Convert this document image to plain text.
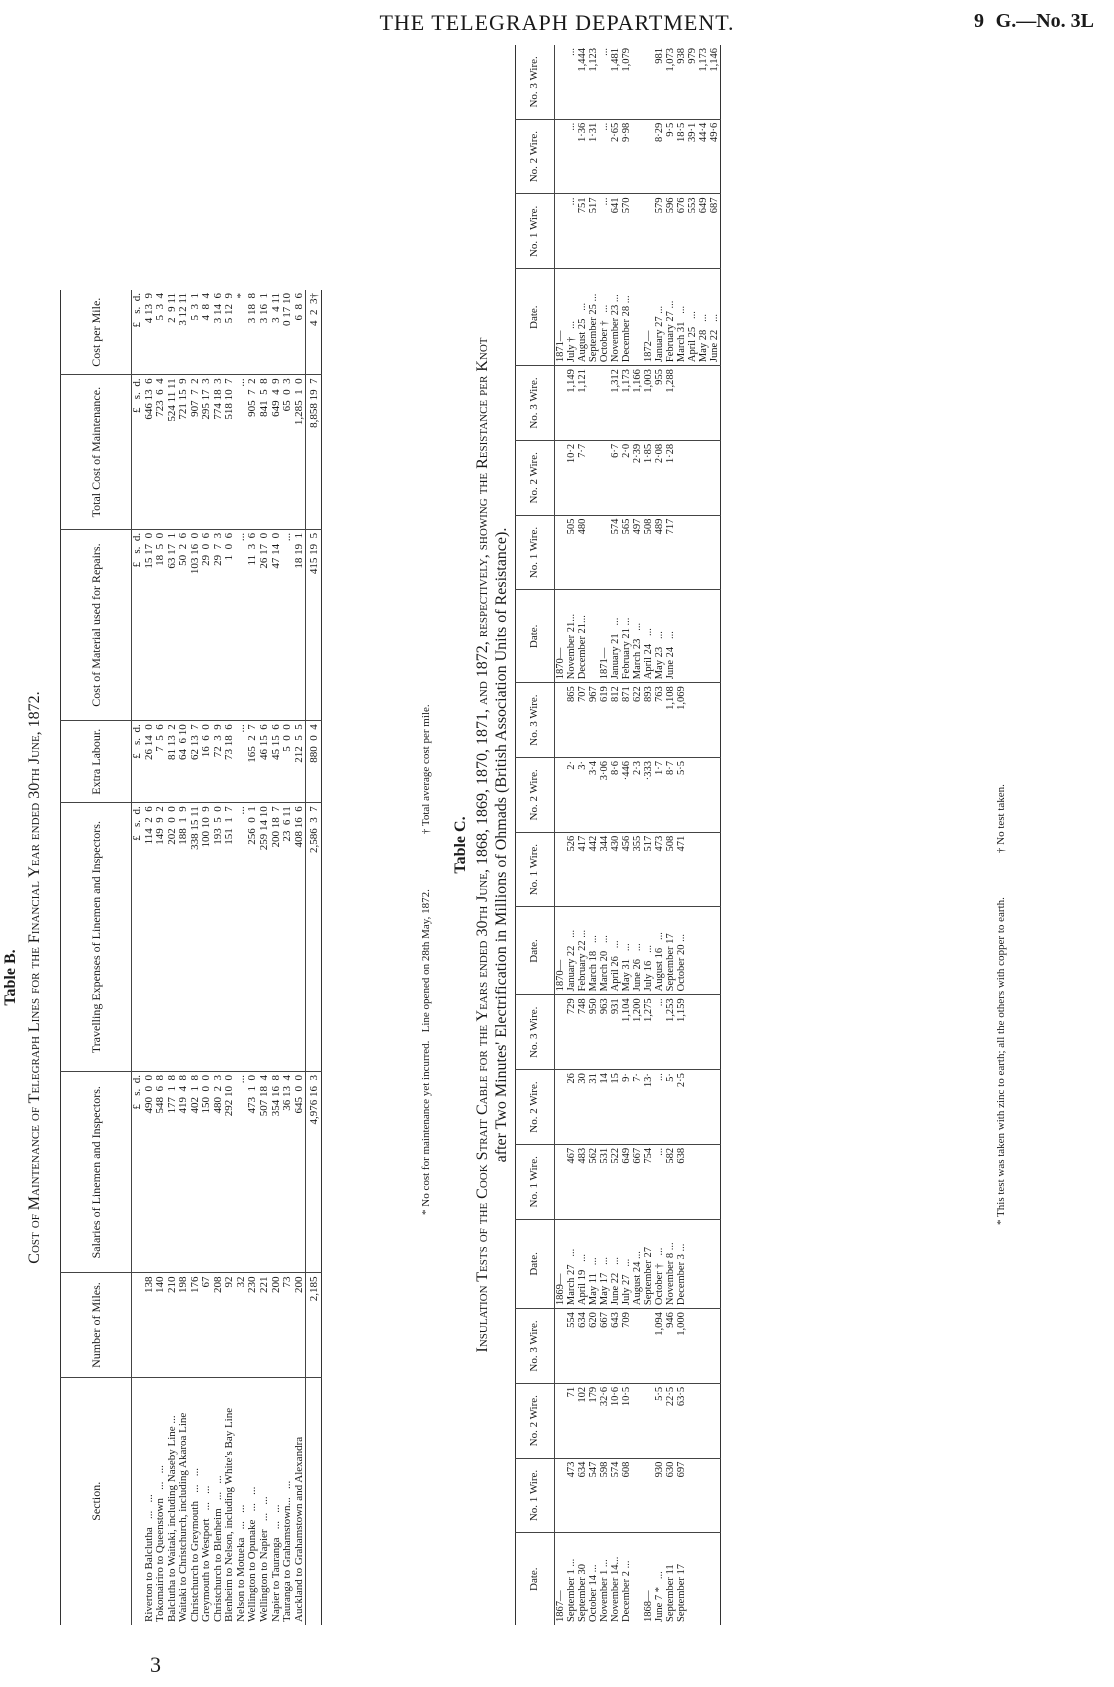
THE TELEGRAPH DEPARTMENT.	9 G.—No. 3L
Table B. Cost of Maintenance of Telegraph Lines for the Financial Year ended 30th June, 1872.
Section.	Number of Miles.	Salaries of Linemen and Inspectors.	Travelling Expenses of Linemen and Inspectors.	Extra Labour.	Cost of Material used for Repairs.	Total Cost of Maintenance.	Cost per Mile.
		£   s.  d.	£   s.  d.	£   s.  d.	£   s.  d.	£   s.  d.	£   s.  d.
Riverton to Balclutha   ...   ...	138	490  0  0	114  2  6	26 14  0	15 17  0	646 13  6	4 13  9
Tokomairiro to Queenstown   ...   ...	140	548  6  8	149  9  2	7  5  6	18  5  0	723  6  4	5  3  4
Balclutha to Waitaki, including Naseby Line ...	210	177  1  8	202  0  0	81 13  2	63 17  1	524 11 11	2  9 11
Waitaki to Christchurch, including Akaroa Line	198	419  4  8	188  1  9	64  6 10	50  2  6	721 15  9	3 12 11
Christchurch to Greymouth   ...   ...	176	402  1  8	338 15 11	62 13  7	103 16  0	907  7  2	5  3  1
Greymouth to Westport   ...   ...	67	150  0  0	100 10  9	16  6  0	29  0  6	295 17  3	4  8  4
Christchurch to Blenheim   ...   ...	208	480  2  3	193  5  0	72  3  9	29  7  3	774 18  3	3 14  6
Blenheim to Nelson, including White's Bay Line	92	292 10  0	151  1  7	73 18  6	1  0  6	518 10  7	5 12  9
Nelson to Motueka   ...   ...	32	...	...	...	...	...	*
Wellington to Opunake   ...   ...	230	473  1  0	256  0  1	165  2  7	11  3  6	905  7  2	3 18  8
Wellington to Napier   ...   ...	221	507 18  4	259 14 10	46 15  6	26 17  0	841  5  8	3 16  1
Napier to Tauranga   ...   ...	200	354 16  8	200 18  7	45 15  6	47 14  0	649  4  9	3  4 11
Tauranga to Grahamstown...   ...	73	36 13  4	23  6 11	5  0  0	...	65  0  3	0 17 10
Auckland to Grahamstown and Alexandra	200	645  0  0	408 16  6	212  5  5	18 19  1	1,285  1  0	6  8  6
	2,185	4,976 16  3	2,586  3  7	880  0  4	415 19  5	8,858 19  7	4  2  3†
* No cost for maintenance yet incurred.   Line opened on 28th May, 1872.                    † Total average cost per mile. Table C. Insulation Tests of the Cook Strait Cable for the Years ended 30th June, 1868, 1869, 1870, 1871, and 1872, respectively, showing the Resistance per Knot after Two Minutes' Electrification in Millions of Ohmads (British Association Units of Resistance).
Date.	No. 1 Wire.	No. 2 Wire.	No. 3 Wire.	Date.	No. 1 Wire.	No. 2 Wire.	No. 3 Wire.	Date.	No. 1 Wire.	No. 2 Wire.	No. 3 Wire.	Date.	No. 1 Wire.	No. 2 Wire.	No. 3 Wire.	Date.	No. 1 Wire.	No. 2 Wire.	No. 3 Wire.
1867—				1869—				1870—				1870—				1871—			
September 1 ...	473	71	554	March 27   ...	467	26	729	January 22   ...	526	2·	865	November 21...	505	10·2	1,149	July †   ...	...	...	...
September 30	634	102	634	April 19   ...	483	30	748	February 22 ...	417	3·	707	December 21...	480	7·7	1,121	August 25   ...	751	1·36	1,444
October 14 ...	547	179	620	May 11   ...	562	31	950	March 18   ...	442	3·4	967					September 25 ...	517	1·31	1,123
November 1 ...	598	32·6	667	May 17   ...	531	14	963	March 20   ...	344	3·06	619	1871—				October †   ...	...	...	...
November 14...	574	10·6	643	June 22   ...	522	15	931	April 26   ...	430	8·6	812	January 21   ...	574	6·7	1,312	November 23 ...	641	2·65	1,481
December 2 ...	608	10·5	709	July 27   ...	649	9·	1,104	May 31   ...	456	·446	871	February 21 ...	565	2·0	1,173	December 28 ...	570	9·98	1,079
				August 24 ...	667	7·	1,200	June 26   ...	355	2·3	622	March 23   ...	497	2·39	1,166				
1868—				September 27	754	13·	1,275	July 16   ...	517	·333	893	April 24   ...	508	1·85	1,003	1872—			
June 7 *   ...	930	5·5	1,094	October †   ...	...	...	...	August 16   ...	473	1·7	763	May 23   ...	489	2·08	955	January 27 ...	579	8·29	981
September 11	630	22·5	946	November 8 ...	582	5·	1,253	September 17	508	8·7	1,108	June 24   ...	717	1·28	1,288	February 27 ...	596	9·5	1,073
September 17	697	63·5	1,000	December 3 ...	638	2·5	1,159	October 20 ...	471	5·5	1,069					March 31   ...	676	18·5	938
																April 25   ...	553	39·1	979
																May 28   ...	649	44·4	1,173
																June 22   ...	687	49·6	1,146
* This test was taken with zinc to earth; all the others with copper to earth.                † No test taken.
3
